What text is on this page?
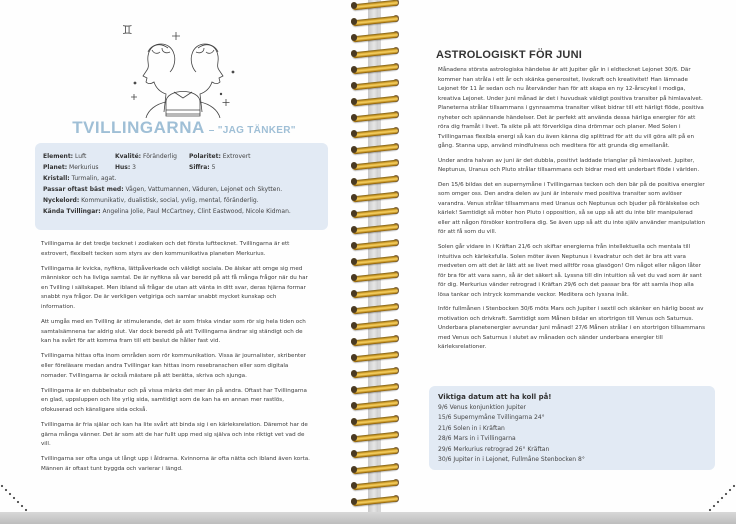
♊
TVILLINGARNA – "JAG TÄNKER"
Element: Luft	Kvalité: Föränderlig Polaritet: Extrovert
Planet: Merkurius	Hus: 3	Siffra: 5
Kristall: Turmalin, agat.
Passar oftast bäst med: Vågen, Vattumannen, Väduren, Lejonet och Skytten.
Nyckelord: Kommunikativ, dualistisk, social, yvlig, mental, föränderlig.
Kända Tvillingar: Angelina Jolie, Paul McCartney, Clint Eastwood, Nicole Kidman.

Tvillingarna är det tredje tecknet i zodiaken och det första lufttecknet. Tvillingarna är ett extrovert, flexibelt tecken som styrs av den kommunikativa planeten Merkurius.

Tvillingarna är kvicka, nyfikna, lättpåverkade och väldigt sociala. De älskar att omge sig med människor och ha livliga samtal. De är nyfikna så var beredd på att få många frågor när du har en Tvilling i sällskapet. Men ibland så frågar de utan att vänta in ditt svar, deras hjärna formar snabbt nya frågor. De är verkligen vetgiriga och samlar snabbt mycket kunskap och information.

Att umgås med en Tvilling är stimulerande, det är som friska vindar som rör sig hela tiden och samtalsämnena tar aldrig slut. Var dock beredd på att Tvillingarna ändrar sig ständigt och de kan ha svårt för att komma fram till ett beslut de håller fast vid.

Tvillingarna hittas ofta inom områden som rör kommunikation. Vissa är journalister, skribenter eller föreläsare medan andra Tvillingar kan hittas inom resebranschen eller som digitala nomader. Tvillingarna är också mästare på att berätta, skriva och sjunga.

Tvillingarna är en dubbelnatur och på vissa märks det mer än på andra. Oftast har Tvillingarna en glad, uppsluppen och lite yrlig sida, samtidigt som de kan ha en annan mer rastlös, ofokuserad och känsligare sida också.

Tvillingarna är fria själar och kan ha lite svårt att binda sig i en kärleksrelation. Däremot har de gärna många vänner. Det är som att de har fullt upp med sig själva och inte riktigt vet vad de vill.

Tvillingarna ser ofta unga ut långt upp i åldrarna. Kvinnorna är ofta nätta och ibland även korta. Männen är oftast tunt byggda och varierar i längd.

ASTROLOGISKT FÖR JUNI

Månadens största astrologiska händelse är att Jupiter går in i eldtecknet Lejonet 30/6. Där kommer han stråla i ett år och skänka generositet, livskraft och kreativitet! Han lämnade Lejonet för 11 år sedan och nu återvänder han för att skapa en ny 12-årscykel i modiga, kreativa Lejonet. Under juni månad är det i huvudsak väldigt positiva transiter på himlavalvet. Planeterna strålar tillsammans i gynnsamma transiter vilket bidrar till ett härligt flöde, positiva nyheter och spännande händelser. Det är perfekt att använda dessa härliga energier för att röra dig framåt i livet. Ta sikte på att förverkliga dina drömmar och planer. Med Solen i Tvillingarnas flexibla energi så kan du även känna dig splittrad för att du vill göra allt på en gång. Stanna upp, använd mindfulness och meditera för att grunda dig emellanåt.

Under andra halvan av juni är det dubbla, positivt laddade trianglar på himlavalvet. Jupiter, Neptunus, Uranus och Pluto strålar tillsammans och bidrar med ett underbart flöde i världen.

Den 15/6 bildas det en supernymåne i Tvillingarnas tecken och den bär på de positiva energier som omger oss. Den andra delen av juni är intensiv med positiva transiter som avlöser varandra. Venus strålar tillsammans med Uranus och Neptunus och bjuder på förälskelse och kärlek! Samtidigt så möter hon Pluto i opposition, så se upp så att du inte blir manipulerad eller att någon försöker kontrollera dig. Se även upp så att du inte själv använder manipulation för att få som du vill.

Solen går vidare in i Kräftan 21/6 och skiftar energierna från intellektuella och mentala till intuitiva och kärleksfulla. Solen möter även Neptunus i kvadratur och det är bra att vara medveten om att det är lätt att se livet med alltför rosa glasögon! Om något eller någon låter för bra för att vara sann, så är det säkert så. Lyssna till din intuition så vet du vad som är sant för dig. Merkurius vänder retrograd i Kräftan 29/6 och det passar bra för att samla ihop alla lösa tankar och intryck kommande veckor. Meditera och lyssna inåt.

Inför fullmånen i Stenbocken 30/6 möts Mars och Jupiter i sextil och skänker en härlig boost av motivation och drivkraft. Samtidigt som Månen bildar en stortrigon till Venus och Saturnus. Underbara planetenergier avrundar juni månad! 27/6 Månen strålar i en stortrigon tillsammans med Venus och Saturnus i slutet av månaden och sänder underbara energier till kärleksrelationer.

Viktiga datum att ha koll på!
9/6 Venus konjunktion Jupiter
15/6 Supernymåne Tvillingarna 24°
21/6 Solen in i Kräftan
28/6 Mars in i Tvillingarna
29/6 Merkurius retrograd 26° Kräftan
30/6 Jupiter in i Lejonet, Fullmåne Stenbocken 8°
